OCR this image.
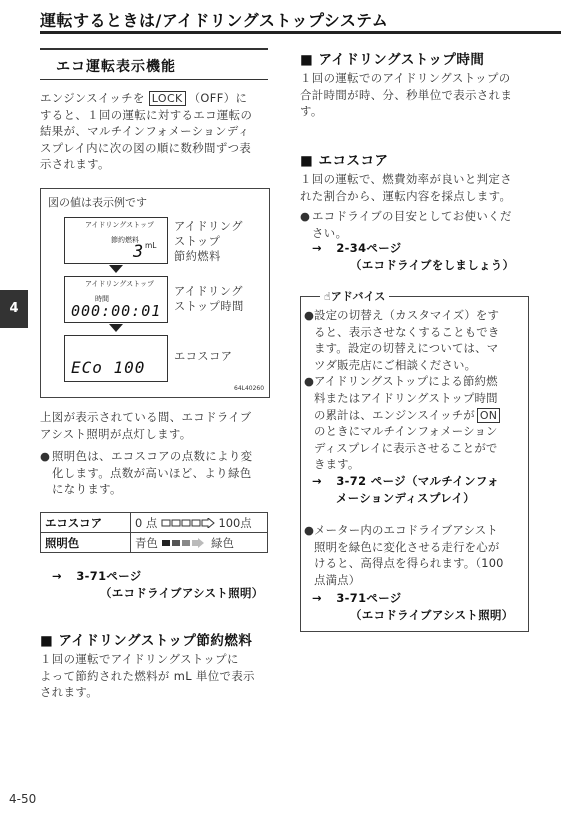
運転するときは/アイドリングストップシステム
エコ運転表示機能
エンジンスイッチを LOCK （OFF）に
すると、１回の運転に対するエコ運転の
結果が、マルチインフォメーションディ
スプレイ内に次の図の順に数秒間ずつ表
示されます。
図の値は表示例です
アイドリングストップ
節約燃料
3 mL
アイドリングストップ
時間
000:00:01
ECo 100
アイドリング
ストップ
節約燃料
アイドリング
ストップ時間
エコスコア
64L40260
上図が表示されている間、エコドライブ
アシスト照明が点灯します。
● 照明色は、エコスコアの点数により変
化します。点数が高いほど、より緑色
になります。
エコスコア	0 点 100点
照明色	青色 緑色
→ 3-71ページ
（エコドライブアシスト照明）
■ アイドリングストップ節約燃料
１回の運転でアイドリングストップに
よって節約された燃料が mL 単位で表示
されます。
4
4-50
■ アイドリングストップ時間
１回の運転でのアイドリングストップの
合計時間が時、分、秒単位で表示されま
す。
■ エコスコア
１回の運転で、燃費効率が良いと判定さ
れた割合から、運転内容を採点します。
● エコドライブの目安としてお使いくだ
さい。
→ 2-34ページ
（エコドライブをしましょう）
☝アドバイス
● 設定の切替え（カスタマイズ）をす
ると、表示させなくすることもでき
ます。設定の切替えについては、マ
ツダ販売店にご相談ください。
● アイドリングストップによる節約燃
料またはアイドリングストップ時間
の累計は、エンジンスイッチが ON
のときにマルチインフォメーション
ディスプレイに表示させることがで
きます。
→ 3-72 ページ（マルチインフォ
メーションディスプレイ）
● メーター内のエコドライブアシスト
照明を緑色に変化させる走行を心が
けると、高得点を得られます。（100
点満点）
→ 3-71ページ
（エコドライブアシスト照明）
